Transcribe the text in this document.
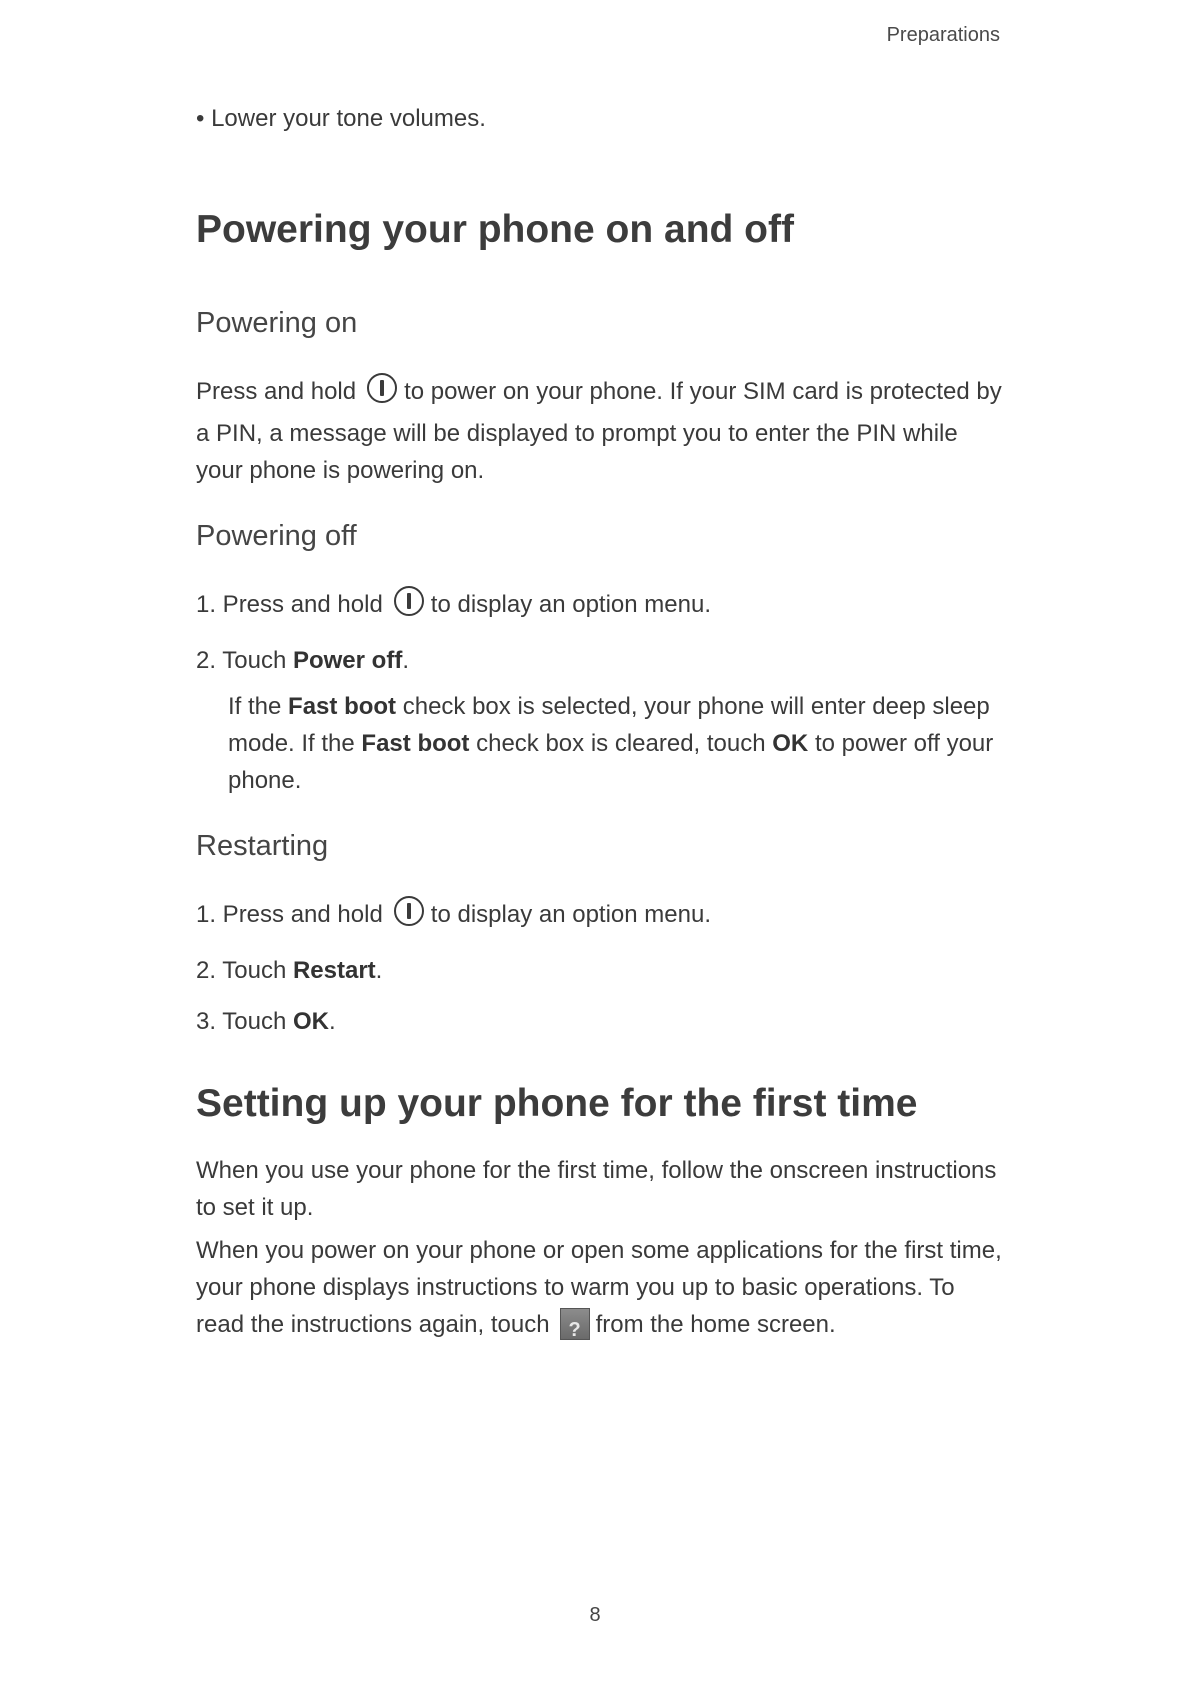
Preparations

• Lower your tone volumes.

Powering your phone on and off
Powering on

Press and hold to power on your phone. If your SIM card is protected by a PIN, a message will be displayed to prompt you to enter the PIN while your phone is powering on.

Powering off

1. Press and hold to display an option menu.

2. Touch Power off.

If the Fast boot check box is selected, your phone will enter deep sleep mode. If the Fast boot check box is cleared, touch OK to power off your phone.

Restarting

1. Press and hold to display an option menu.

2. Touch Restart.

3. Touch OK.

Setting up your phone for the first time

When you use your phone for the first time, follow the onscreen instructions to set it up.

When you power on your phone or open some applications for the first time, your phone displays instructions to warm you up to basic operations. To read the instructions again, touch ? from the home screen.

8
